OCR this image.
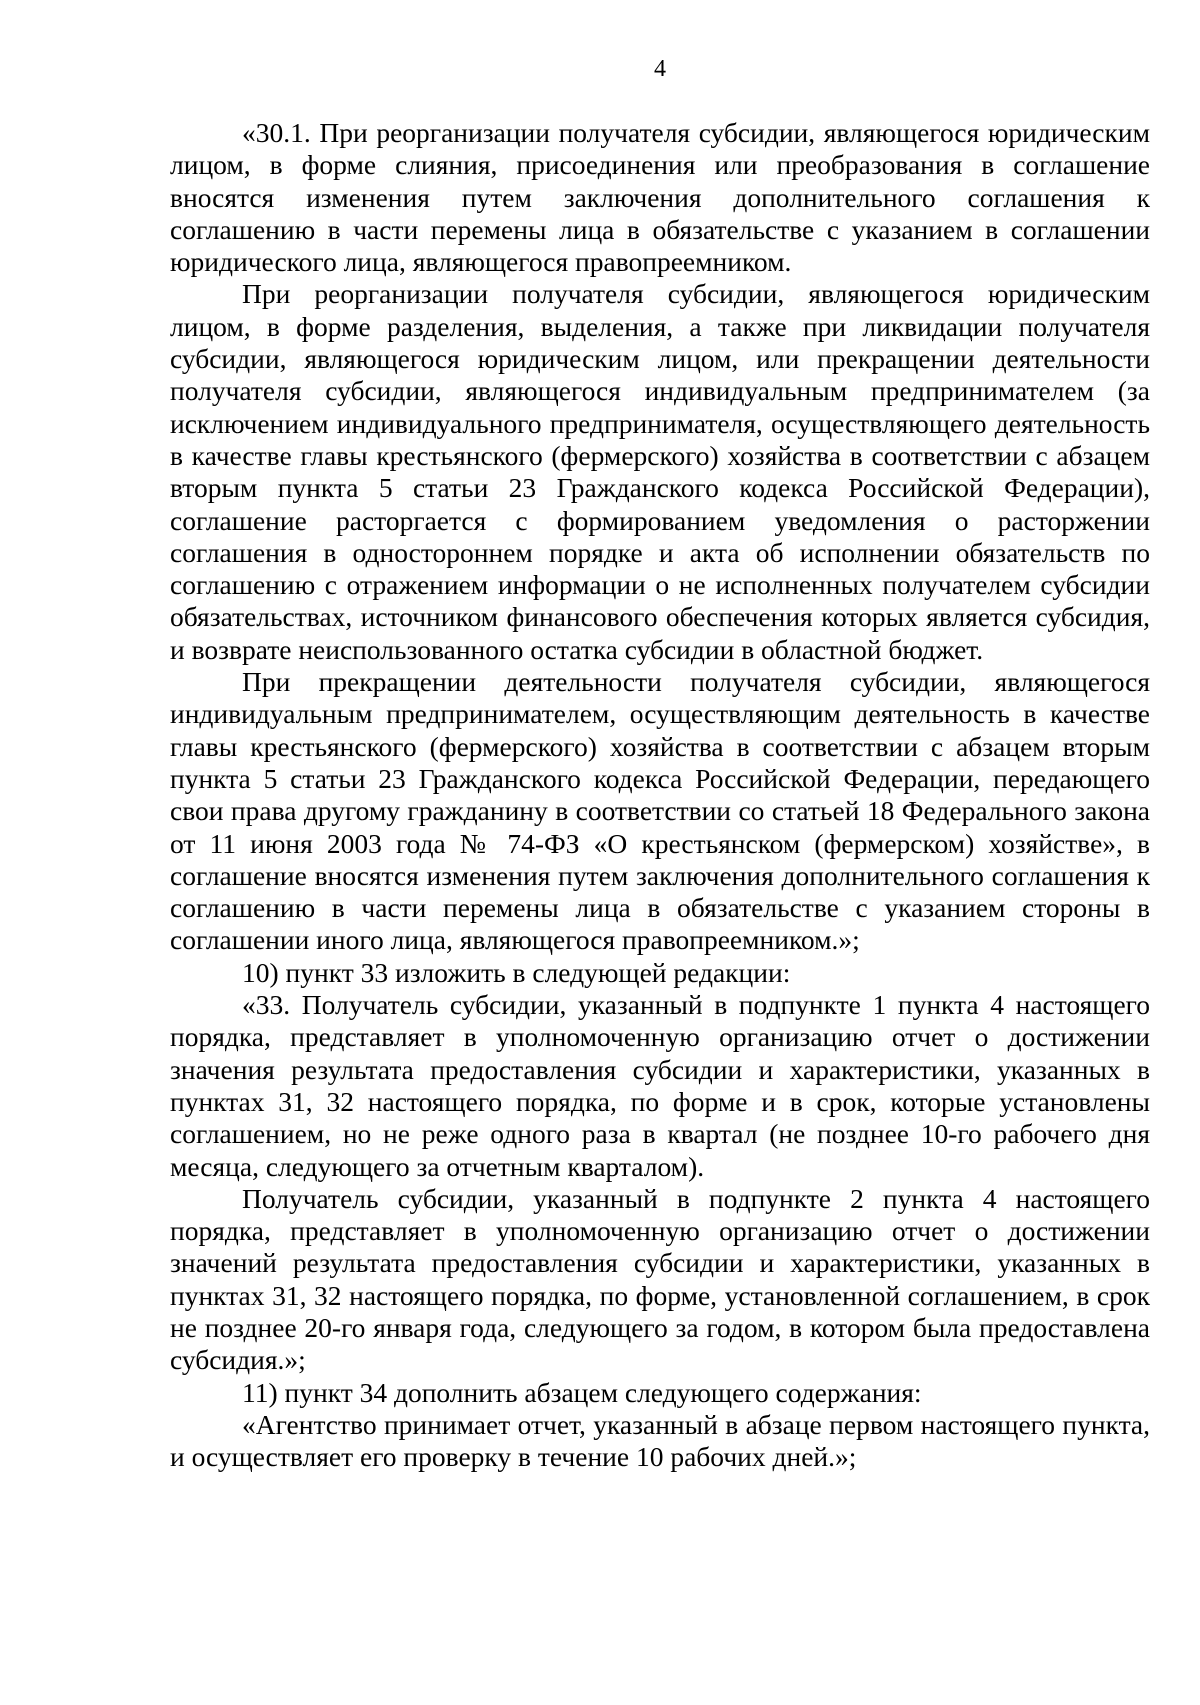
4

«30.1. При реорганизации получателя субсидии, являющегося юридическим лицом, в форме слияния, присоединения или преобразования в соглашение вносятся изменения путем заключения дополнительного соглашения к соглашению в части перемены лица в обязательстве с указанием в соглашении юридического лица, являющегося правопреемником.

При реорганизации получателя субсидии, являющегося юридическим лицом, в форме разделения, выделения, а также при ликвидации получателя субсидии, являющегося юридическим лицом, или прекращении деятельности получателя субсидии, являющегося индивидуальным предпринимателем (за исключением индивидуального предпринимателя, осуществляющего деятельность в качестве главы крестьянского (фермерского) хозяйства в соответствии с абзацем вторым пункта 5 статьи 23 Гражданского кодекса Российской Федерации), соглашение расторгается с формированием уведомления о расторжении соглашения в одностороннем порядке и акта об исполнении обязательств по соглашению с отражением информации о не исполненных получателем субсидии обязательствах, источником финансового обеспечения которых является субсидия, и возврате неиспользованного остатка субсидии в областной бюджет.

При прекращении деятельности получателя субсидии, являющегося индивидуальным предпринимателем, осуществляющим деятельность в качестве главы крестьянского (фермерского) хозяйства в соответствии с абзацем вторым пункта 5 статьи 23 Гражданского кодекса Российской Федерации, передающего свои права другому гражданину в соответствии со статьей 18 Федерального закона от 11 июня 2003 года № 74-ФЗ «О крестьянском (фермерском) хозяйстве», в соглашение вносятся изменения путем заключения дополнительного соглашения к соглашению в части перемены лица в обязательстве с указанием стороны в соглашении иного лица, являющегося правопреемником.»;

10) пункт 33 изложить в следующей редакции:

«33. Получатель субсидии, указанный в подпункте 1 пункта 4 настоящего порядка, представляет в уполномоченную организацию отчет о достижении значения результата предоставления субсидии и характеристики, указанных в пунктах 31, 32 настоящего порядка, по форме и в срок, которые установлены соглашением, но не реже одного раза в квартал (не позднее 10-го рабочего дня месяца, следующего за отчетным кварталом).

Получатель субсидии, указанный в подпункте 2 пункта 4 настоящего порядка, представляет в уполномоченную организацию отчет о достижении значений результата предоставления субсидии и характеристики, указанных в пунктах 31, 32 настоящего порядка, по форме, установленной соглашением, в срок не позднее 20-го января года, следующего за годом, в котором была предоставлена субсидия.»;

11) пункт 34 дополнить абзацем следующего содержания:

«Агентство принимает отчет, указанный в абзаце первом настоящего пункта, и осуществляет его проверку в течение 10 рабочих дней.»;
